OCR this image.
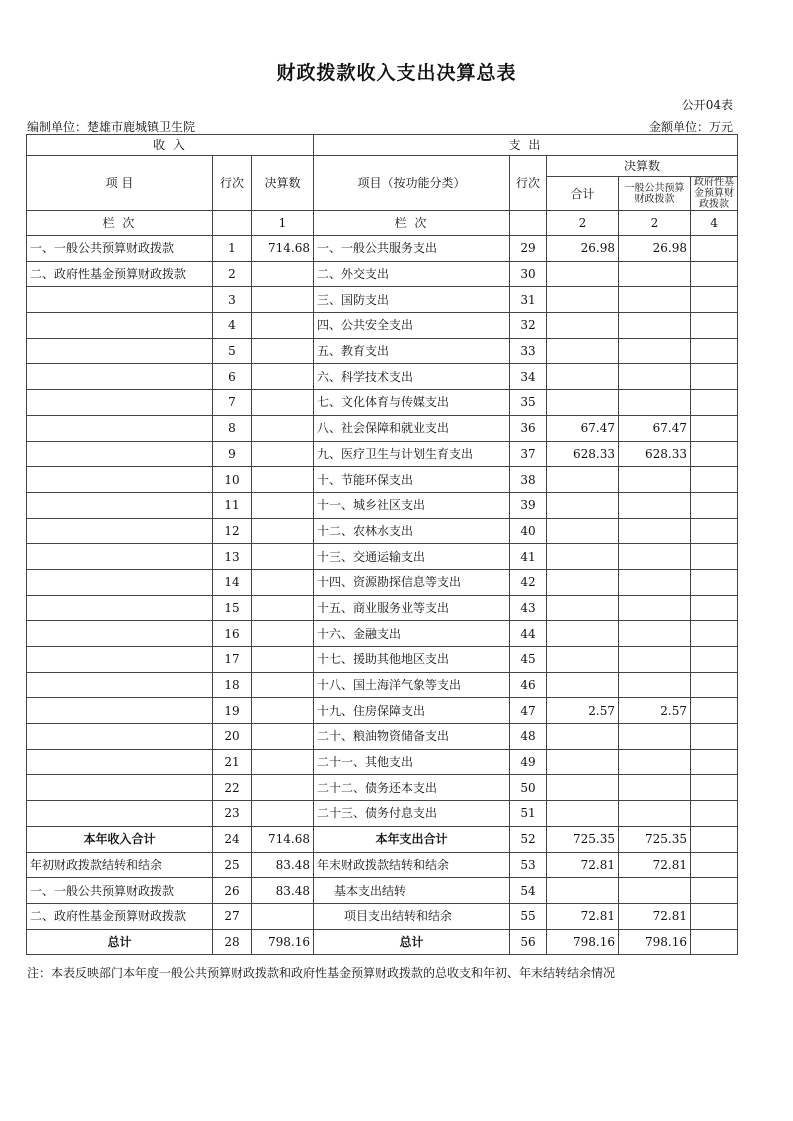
财政拨款收入支出决算总表
公开04表
编制单位：楚雄市鹿城镇卫生院	金额单位：万元
收 入			支 出				
项 目	行次	决算数	项目（按功能分类）	行次	决算数		
					合计	一般公共预算财政拨款	政府性基金预算财政拨款
栏 次		1	栏 次		2	2	4
一、一般公共预算财政拨款	1	714.68	一、一般公共服务支出	29	26.98	26.98	
二、政府性基金预算财政拨款	2		二、外交支出	30			
	3		三、国防支出	31			
	4		四、公共安全支出	32			
	5		五、教育支出	33			
	6		六、科学技术支出	34			
	7		七、文化体育与传媒支出	35			
	8		八、社会保障和就业支出	36	67.47	67.47	
	9		九、医疗卫生与计划生育支出	37	628.33	628.33	
	10		十、节能环保支出	38			
	11		十一、城乡社区支出	39			
	12		十二、农林水支出	40			
	13		十三、交通运输支出	41			
	14		十四、资源勘探信息等支出	42			
	15		十五、商业服务业等支出	43			
	16		十六、金融支出	44			
	17		十七、援助其他地区支出	45			
	18		十八、国土海洋气象等支出	46			
	19		十九、住房保障支出	47	2.57	2.57	
	20		二十、粮油物资储备支出	48			
	21		二十一、其他支出	49			
	22		二十二、债务还本支出	50			
	23		二十三、债务付息支出	51			
本年收入合计	24	714.68	本年支出合计	52	725.35	725.35	
年初财政拨款结转和结余	25	83.48	年末财政拨款结转和结余	53	72.81	72.81	
一、一般公共预算财政拨款	26	83.48	基本支出结转	54			
二、政府性基金预算财政拨款	27		项目支出结转和结余	55	72.81	72.81	
总计	28	798.16	总计	56	798.16	798.16	
注：本表反映部门本年度一般公共预算财政拨款和政府性基金预算财政拨款的总收支和年初、年末结转结余情况
